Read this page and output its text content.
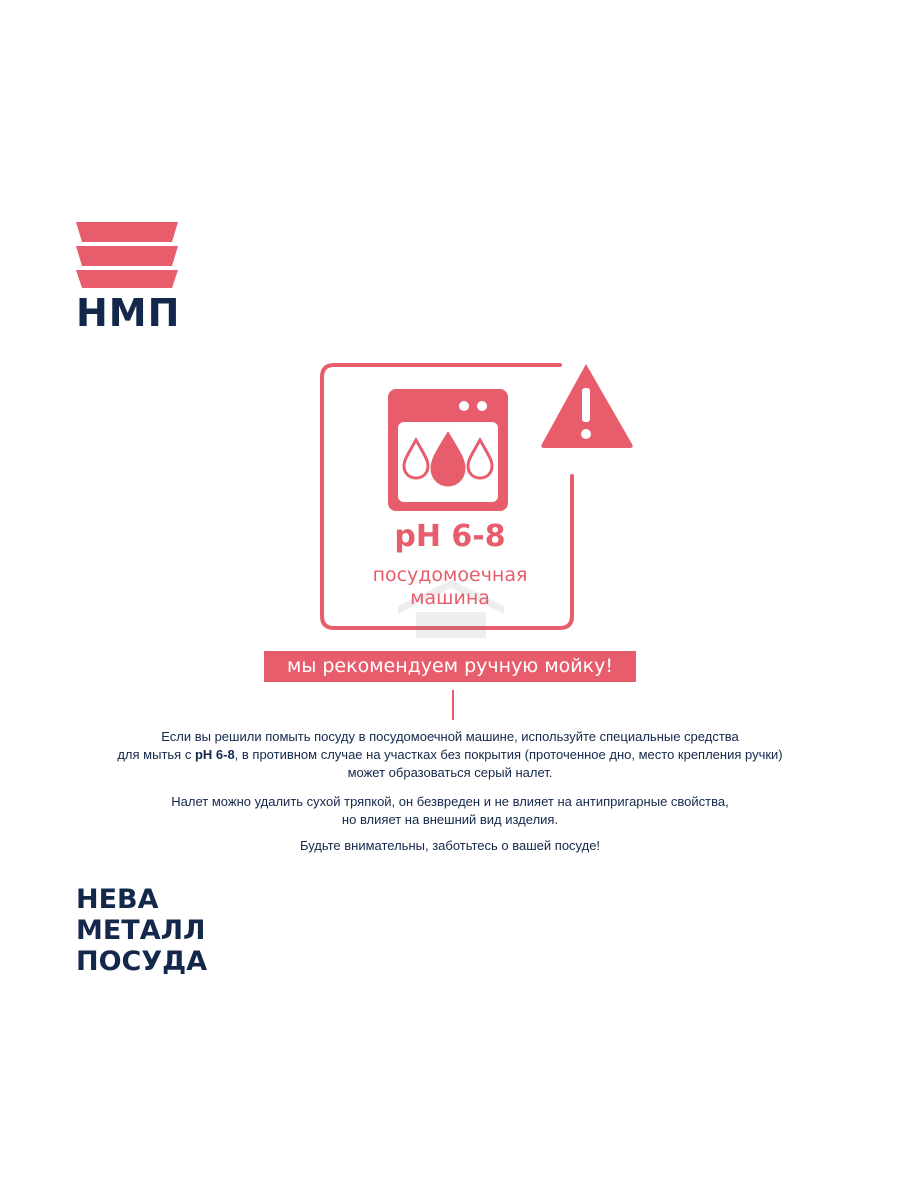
НМП
pH 6-8
посудомоечная
машина
мы рекомендуем ручную мойку!

Если вы решили помыть посуду в посудомоечной машине, используйте специальные средства
для мытья с pH 6-8, в противном случае на участках без покрытия (проточенное дно, место крепления ручки)
может образоваться серый налет.

Налет можно удалить сухой тряпкой, он безвреден и не влияет на антипригарные свойства,
но влияет на внешний вид изделия.

Будьте внимательны, заботьтесь о вашей посуде!

НЕВА
МЕТАЛЛ
ПОСУДА
